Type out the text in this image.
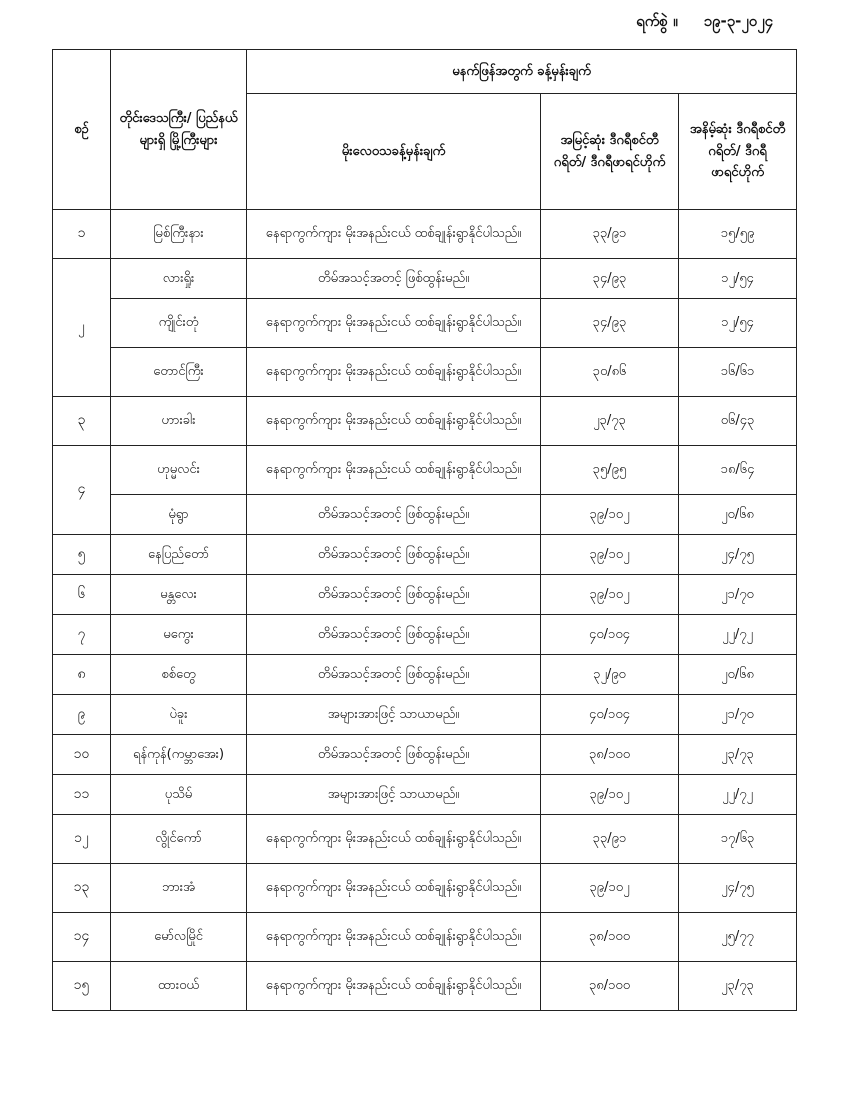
ရက်စွဲ ။ ၁၉-၃-၂၀၂၄
စဉ်	တိုင်းဒေသကြီး/ ပြည်နယ်များရှိ မြို့ကြီးများ	မနက်ဖြန်အတွက် ခန့်မှန်းချက်		
		မိုးလေဝသခန့်မှန်းချက်	အမြင့်ဆုံး ဒီဂရီစင်တီဂရိတ်/ ဒီဂရီဖာရင်ဟိုက်	အနိမ့်ဆုံး ဒီဂရီစင်တီဂရိတ်/ ဒီဂရီဖာရင်ဟိုက်
၁	မြစ်ကြီးနား	နေရာကွက်ကျား မိုးအနည်းငယ် ထစ်ချုန်းရွာနိုင်ပါသည်။	၃၃/၉၁	၁၅/၅၉
၂	လားရှိုး	တိမ်အသင့်အတင့် ဖြစ်ထွန်းမည်။	၃၄/၉၃	၁၂/၅၄
	ကျိုင်းတုံ	နေရာကွက်ကျား မိုးအနည်းငယ် ထစ်ချုန်းရွာနိုင်ပါသည်။	၃၄/၉၃	၁၂/၅၄
	တောင်ကြီး	နေရာကွက်ကျား မိုးအနည်းငယ် ထစ်ချုန်းရွာနိုင်ပါသည်။	၃၀/၈၆	၁၆/၆၁
၃	ဟားခါး	နေရာကွက်ကျား မိုးအနည်းငယ် ထစ်ချုန်းရွာနိုင်ပါသည်။	၂၃/၇၃	၀၆/၄၃
၄	ဟုမ္မလင်း	နေရာကွက်ကျား မိုးအနည်းငယ် ထစ်ချုန်းရွာနိုင်ပါသည်။	၃၅/၉၅	၁၈/၆၄
	မုံရွာ	တိမ်အသင့်အတင့် ဖြစ်ထွန်းမည်။	၃၉/၁၀၂	၂၀/၆၈
၅	နေပြည်တော်	တိမ်အသင့်အတင့် ဖြစ်ထွန်းမည်။	၃၉/၁၀၂	၂၄/၇၅
၆	မန္တလေး	တိမ်အသင့်အတင့် ဖြစ်ထွန်းမည်။	၃၉/၁၀၂	၂၁/၇၀
၇	မကွေး	တိမ်အသင့်အတင့် ဖြစ်ထွန်းမည်။	၄၀/၁၀၄	၂၂/၇၂
၈	စစ်တွေ	တိမ်အသင့်အတင့် ဖြစ်ထွန်းမည်။	၃၂/၉၀	၂၀/၆၈
၉	ပဲခူး	အများအားဖြင့် သာယာမည်။	၄၀/၁၀၄	၂၁/၇၀
၁၀	ရန်ကုန်(ကမ္ဘာအေး)	တိမ်အသင့်အတင့် ဖြစ်ထွန်းမည်။	၃၈/၁၀၀	၂၃/၇၃
၁၁	ပုသိမ်	အများအားဖြင့် သာယာမည်။	၃၉/၁၀၂	၂၂/၇၂
၁၂	လွိုင်ကော်	နေရာကွက်ကျား မိုးအနည်းငယ် ထစ်ချုန်းရွာနိုင်ပါသည်။	၃၃/၉၁	၁၇/၆၃
၁၃	ဘားအံ	နေရာကွက်ကျား မိုးအနည်းငယ် ထစ်ချုန်းရွာနိုင်ပါသည်။	၃၉/၁၀၂	၂၄/၇၅
၁၄	မော်လမြိုင်	နေရာကွက်ကျား မိုးအနည်းငယ် ထစ်ချုန်းရွာနိုင်ပါသည်။	၃၈/၁၀၀	၂၅/၇၇
၁၅	ထားဝယ်	နေရာကွက်ကျား မိုးအနည်းငယ် ထစ်ချုန်းရွာနိုင်ပါသည်။	၃၈/၁၀၀	၂၃/၇၃
